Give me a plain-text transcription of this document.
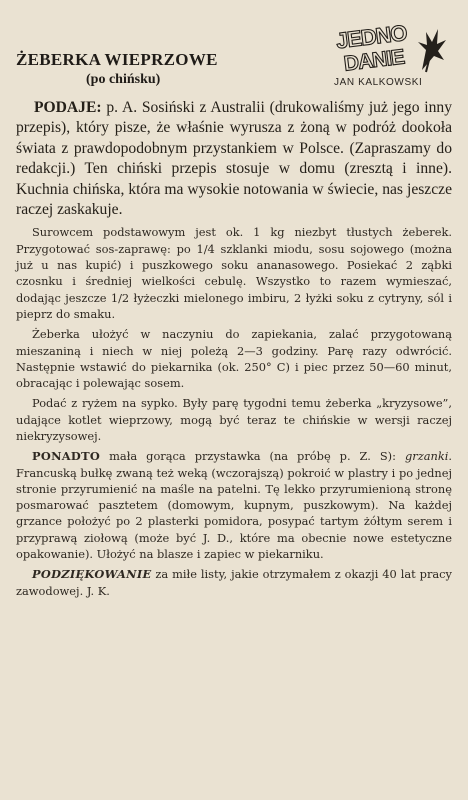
ŻEBERKA WIEPRZOWE
(po chińsku)
JEDNO
DANIE
JAN KALKOWSKI

PODAJE: p. A. Sosiński z Australii (drukowaliśmy już jego inny przepis), który pisze, że właśnie wyrusza z żoną w podróż dookoła świata z prawdopodobnym przystankiem w Polsce. (Zapraszamy do redakcji.) Ten chiński przepis stosuje w domu (zresztą i inne). Kuchnia chińska, która ma wysokie notowania w świecie, nas jeszcze raczej zaskakuje.

Surowcem podstawowym jest ok. 1 kg niezbyt tłustych żeberek. Przygotować sos-zaprawę: po 1/4 szklanki miodu, sosu sojowego (można już u nas kupić) i puszkowego soku ananasowego. Posiekać 2 ząbki czosnku i średniej wielkości cebulę. Wszystko to razem wymieszać, dodając jeszcze 1/2 łyżeczki mielonego imbiru, 2 łyżki soku z cytryny, sól i pieprz do smaku.

Żeberka ułożyć w naczyniu do zapiekania, zalać przygotowaną mieszaniną i niech w niej poleżą 2—3 godziny. Parę razy odwrócić. Następnie wstawić do piekarnika (ok. 250° C) i piec przez 50—60 minut, obracając i polewając sosem.

Podać z ryżem na sypko. Były parę tygodni temu żeberka „kryzysowe”, udające kotlet wieprzowy, mogą być teraz te chińskie w wersji raczej niekryzysowej.

PONADTO mała gorąca przystawka (na próbę p. Z. S): grzanki. Francuską bułkę zwaną też weką (wczorajszą) pokroić w plastry i po jednej stronie przyrumienić na maśle na patelni. Tę lekko przyrumienioną stronę posmarować pasztetem (domowym, kupnym, puszkowym). Na każdej grzance położyć po 2 plasterki pomidora, posypać tartym żółtym serem i przyprawą ziołową (może być J. D., które ma obecnie nowe estetyczne opakowanie). Ułożyć na blasze i zapiec w piekarniku.

PODZIĘKOWANIE za miłe listy, jakie otrzymałem z okazji 40 lat pracy zawodowej. J. K.
